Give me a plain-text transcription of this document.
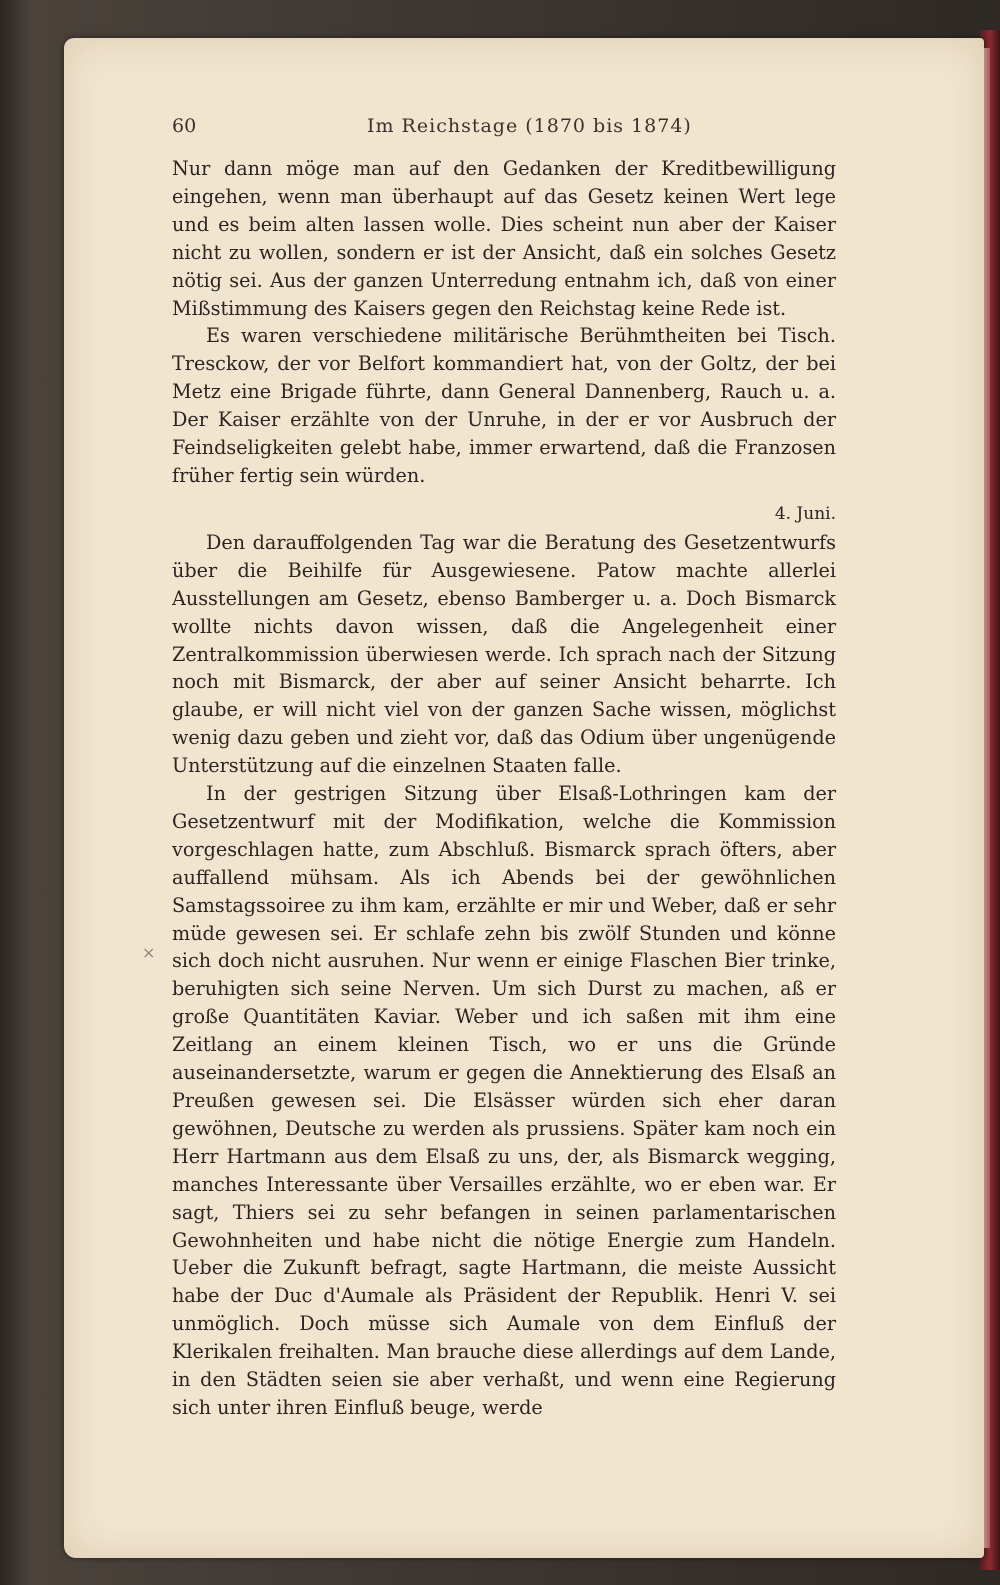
60	Im Reichstage (1870 bis 1874)
×

Nur dann möge man auf den Gedanken der Kreditbewilligung eingehen, wenn man überhaupt auf das Gesetz keinen Wert lege und es beim alten lassen wolle. Dies scheint nun aber der Kaiser nicht zu wollen, sondern er ist der Ansicht, daß ein solches Gesetz nötig sei. Aus der ganzen Unterredung entnahm ich, daß von einer Mißstimmung des Kaisers gegen den Reichstag keine Rede ist.

Es waren verschiedene militärische Berühmtheiten bei Tisch. Tresckow, der vor Belfort kommandiert hat, von der Goltz, der bei Metz eine Brigade führte, dann General Dannenberg, Rauch u. a. Der Kaiser erzählte von der Unruhe, in der er vor Ausbruch der Feindseligkeiten gelebt habe, immer erwartend, daß die Franzosen früher fertig sein würden.

4. Juni.

Den darauffolgenden Tag war die Beratung des Gesetzentwurfs über die Beihilfe für Ausgewiesene. Patow machte allerlei Ausstellungen am Gesetz, ebenso Bamberger u. a. Doch Bismarck wollte nichts davon wissen, daß die Angelegenheit einer Zentralkommission überwiesen werde. Ich sprach nach der Sitzung noch mit Bismarck, der aber auf seiner Ansicht beharrte. Ich glaube, er will nicht viel von der ganzen Sache wissen, möglichst wenig dazu geben und zieht vor, daß das Odium über ungenügende Unterstützung auf die einzelnen Staaten falle.

In der gestrigen Sitzung über Elsaß-Lothringen kam der Gesetzentwurf mit der Modifikation, welche die Kommission vorgeschlagen hatte, zum Abschluß. Bismarck sprach öfters, aber auffallend mühsam. Als ich Abends bei der gewöhnlichen Samstagssoiree zu ihm kam, erzählte er mir und Weber, daß er sehr müde gewesen sei. Er schlafe zehn bis zwölf Stunden und könne sich doch nicht ausruhen. Nur wenn er einige Flaschen Bier trinke, beruhigten sich seine Nerven. Um sich Durst zu machen, aß er große Quantitäten Kaviar. Weber und ich saßen mit ihm eine Zeitlang an einem kleinen Tisch, wo er uns die Gründe auseinandersetzte, warum er gegen die Annektierung des Elsaß an Preußen gewesen sei. Die Elsässer würden sich eher daran gewöhnen, Deutsche zu werden als prussiens. Später kam noch ein Herr Hartmann aus dem Elsaß zu uns, der, als Bismarck wegging, manches Interessante über Versailles erzählte, wo er eben war. Er sagt, Thiers sei zu sehr befangen in seinen parlamentarischen Gewohnheiten und habe nicht die nötige Energie zum Handeln. Ueber die Zukunft befragt, sagte Hartmann, die meiste Aussicht habe der Duc d'Aumale als Präsident der Republik. Henri V. sei unmöglich. Doch müsse sich Aumale von dem Einfluß der Klerikalen freihalten. Man brauche diese allerdings auf dem Lande, in den Städten seien sie aber verhaßt, und wenn eine Regierung sich unter ihren Einfluß beuge, werde
